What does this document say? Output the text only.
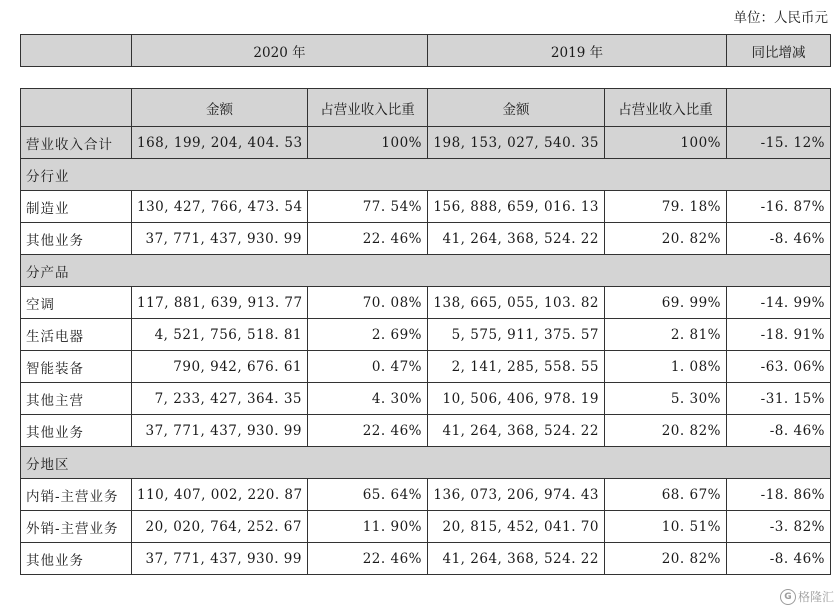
单位：人民币元
	2020 年	2019 年	同比增减
	金额	占营业收入比重	金额	占营业收入比重	
营业收入合计	168, 199, 204, 404. 53	100%	198, 153, 027, 540. 35	100%	-15. 12%
分行业					
制造业	130, 427, 766, 473. 54	77. 54%	156, 888, 659, 016. 13	79. 18%	-16. 87%
其他业务	37, 771, 437, 930. 99	22. 46%	41, 264, 368, 524. 22	20. 82%	-8. 46%
分产品					
空调	117, 881, 639, 913. 77	70. 08%	138, 665, 055, 103. 82	69. 99%	-14. 99%
生活电器	4, 521, 756, 518. 81	2. 69%	5, 575, 911, 375. 57	2. 81%	-18. 91%
智能装备	790, 942, 676. 61	0. 47%	2, 141, 285, 558. 55	1. 08%	-63. 06%
其他主营	7, 233, 427, 364. 35	4. 30%	10, 506, 406, 978. 19	5. 30%	-31. 15%
其他业务	37, 771, 437, 930. 99	22. 46%	41, 264, 368, 524. 22	20. 82%	-8. 46%
分地区					
内销-主营业务	110, 407, 002, 220. 87	65. 64%	136, 073, 206, 974. 43	68. 67%	-18. 86%
外销-主营业务	20, 020, 764, 252. 67	11. 90%	20, 815, 452, 041. 70	10. 51%	-3. 82%
其他业务	37, 771, 437, 930. 99	22. 46%	41, 264, 368, 524. 22	20. 82%	-8. 46%
G 格隆汇
